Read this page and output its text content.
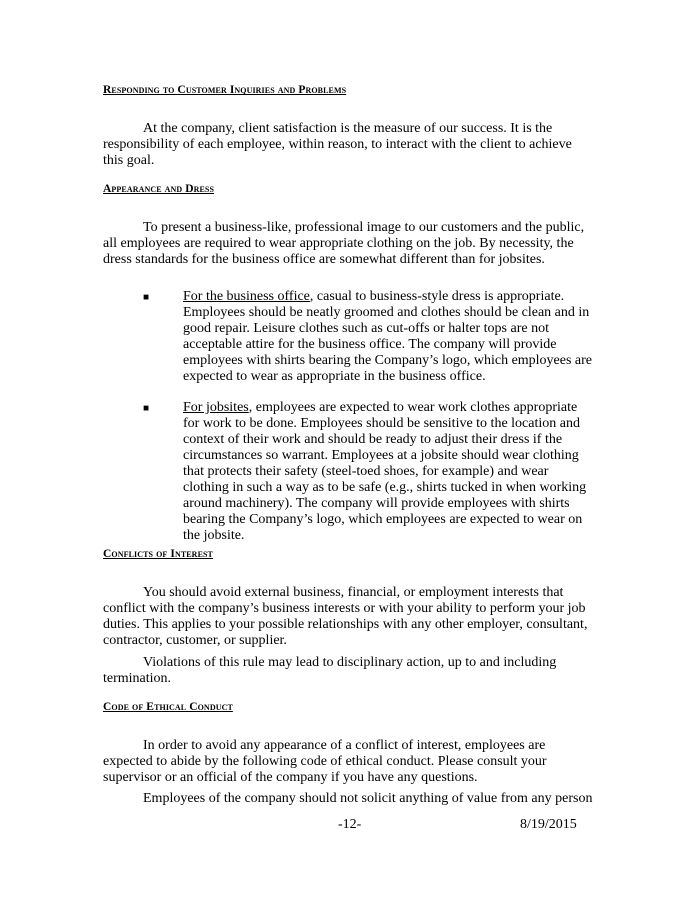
Responding to Customer Inquiries and Problems
At the company, client satisfaction is the measure of our success. It is the responsibility of each employee, within reason, to interact with the client to achieve this goal.
Appearance and Dress
To present a business-like, professional image to our customers and the public, all employees are required to wear appropriate clothing on the job. By necessity, the dress standards for the business office are somewhat different than for jobsites.
■ For the business office, casual to business-style dress is appropriate. Employees should be neatly groomed and clothes should be clean and in good repair. Leisure clothes such as cut-offs or halter tops are not acceptable attire for the business office. The company will provide employees with shirts bearing the Company’s logo, which employees are expected to wear as appropriate in the business office.
■ For jobsites, employees are expected to wear work clothes appropriate for work to be done. Employees should be sensitive to the location and context of their work and should be ready to adjust their dress if the circumstances so warrant. Employees at a jobsite should wear clothing that protects their safety (steel-toed shoes, for example) and wear clothing in such a way as to be safe (e.g., shirts tucked in when working around machinery). The company will provide employees with shirts bearing the Company’s logo, which employees are expected to wear on the jobsite.
Conflicts of Interest
You should avoid external business, financial, or employment interests that conflict with the company’s business interests or with your ability to perform your job duties. This applies to your possible relationships with any other employer, consultant, contractor, customer, or supplier.
Violations of this rule may lead to disciplinary action, up to and including termination.
Code of Ethical Conduct
In order to avoid any appearance of a conflict of interest, employees are expected to abide by the following code of ethical conduct. Please consult your supervisor or an official of the company if you have any questions.
Employees of the company should not solicit anything of value from any person
-12-	8/19/2015
